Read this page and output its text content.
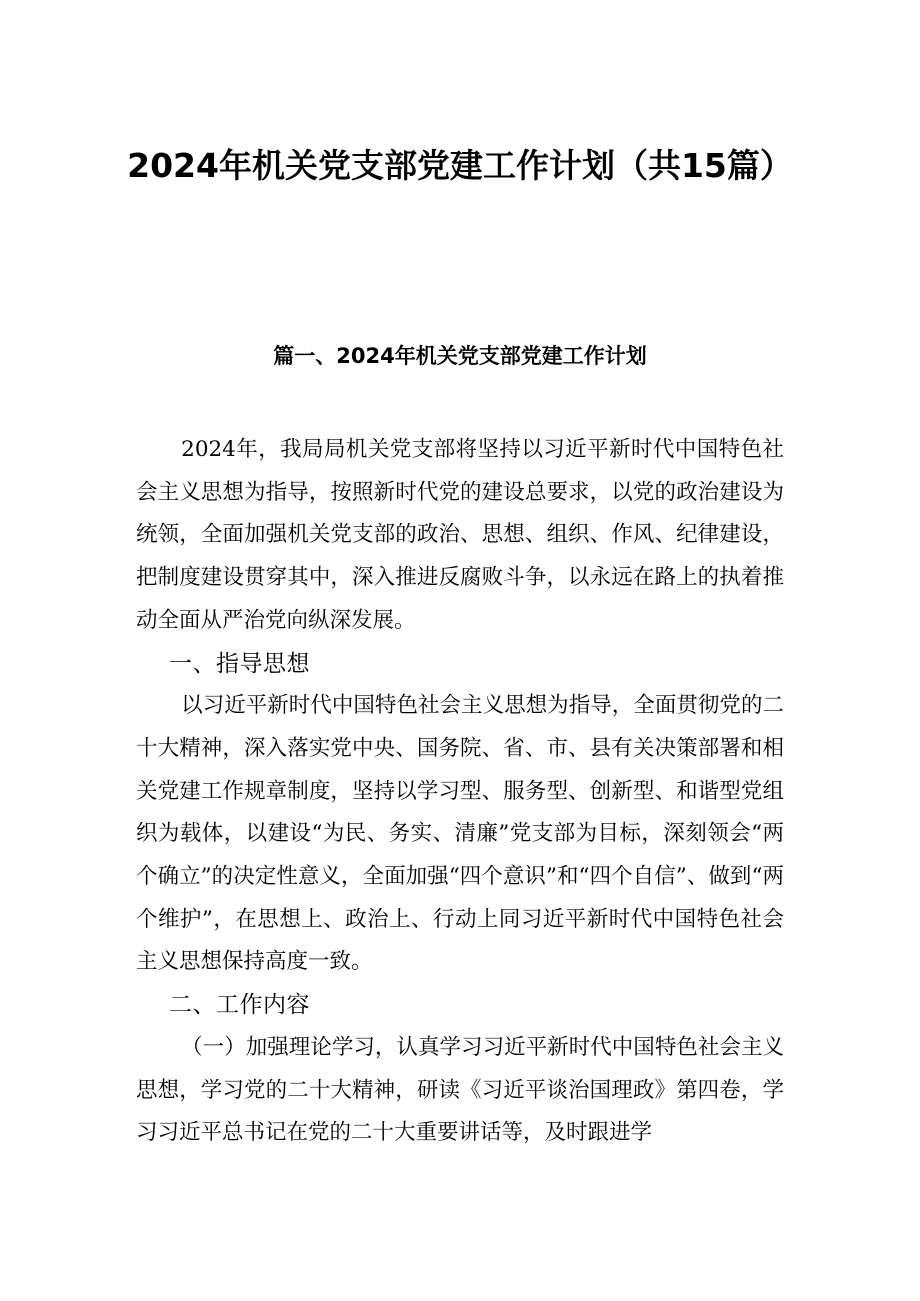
2024年机关党支部党建工作计划（共15篇）
篇一、2024年机关党支部党建工作计划

2024年，我局局机关党支部将坚持以习近平新时代中国特色社会主义思想为指导，按照新时代党的建设总要求，以党的政治建设为统领，全面加强机关党支部的政治、思想、组织、作风、纪律建设，把制度建设贯穿其中，深入推进反腐败斗争，以永远在路上的执着推动全面从严治党向纵深发展。

一、指导思想

以习近平新时代中国特色社会主义思想为指导，全面贯彻党的二十大精神，深入落实党中央、国务院、省、市、县有关决策部署和相关党建工作规章制度，坚持以学习型、服务型、创新型、和谐型党组织为载体，以建设“为民、务实、清廉”党支部为目标，深刻领会“两个确立”的决定性意义，全面加强“四个意识”和“四个自信”、做到“两个维护”，在思想上、政治上、行动上同习近平新时代中国特色社会主义思想保持高度一致。

二、工作内容

（一）加强理论学习，认真学习习近平新时代中国特色社会主义思想，学习党的二十大精神，研读《习近平谈治国理政》第四卷，学习习近平总书记在党的二十大重要讲话等，及时跟进学
